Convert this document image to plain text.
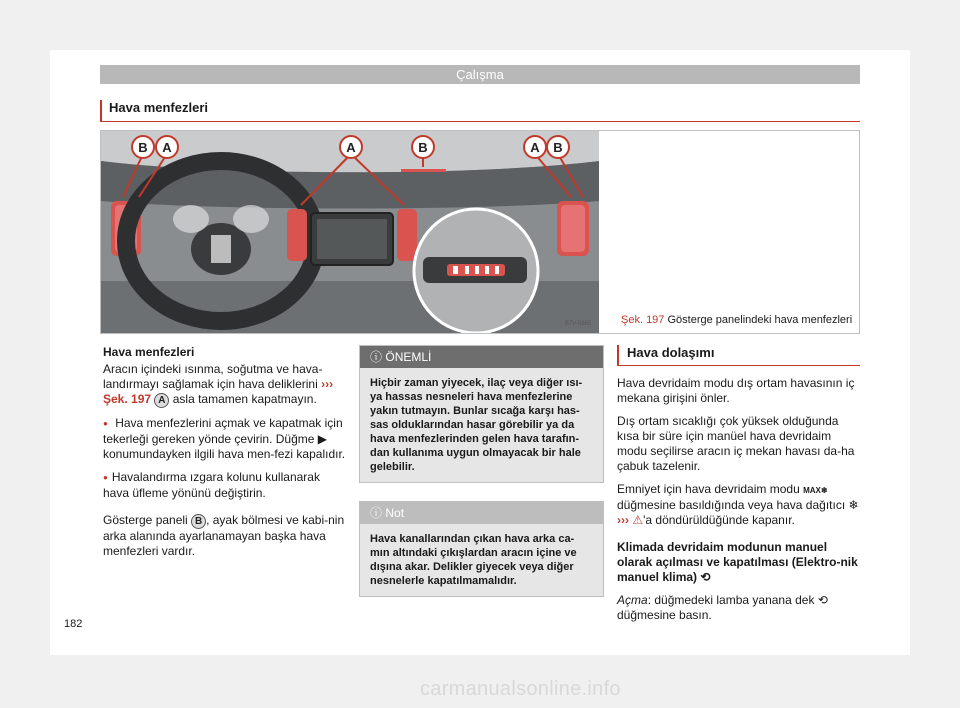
Çalışma
Hava menfezleri
B A	A	B	A B
B7V-0865	Şek. 197 Gösterge panelindeki hava menfezleri

Hava menfezleri

Aracın içindeki ısınma, soğutma ve hava-landırmayı sağlamak için hava deliklerini ››› Şek. 197 A asla tamamen kapatmayın.

● Hava menfezlerini açmak ve kapatmak için tekerleği gereken yönde çevirin. Düğme ▶ konumundayken ilgili hava men-fezi kapalıdır.

● Havalandırma ızgara kolunu kullanarak hava üfleme yönünü değiştirin.

Gösterge paneli B , ayak bölmesi ve kabi-nin arka alanında ayarlanamayan başka hava menfezleri vardır.

ⓘ ÖNEMLİ
Hiçbir zaman yiyecek, ilaç veya diğer ısı-ya hassas nesneleri hava menfezlerine yakın tutmayın. Bunlar sıcağa karşı has-sas olduklarından hasar görebilir ya da hava menfezlerinden gelen hava tarafın-dan kullanıma uygun olmayacak bir hale gelebilir.
ⓘ Not
Hava kanallarından çıkan hava arka ca-mın altındaki çıkışlardan aracın içine ve dışına akar. Delikler giyecek veya diğer nesnelerle kapatılmamalıdır.
Hava dolaşımı

Hava devridaim modu dış ortam havasının iç mekana girişini önler.

Dış ortam sıcaklığı çok yüksek olduğunda kısa bir süre için manüel hava devridaim modu seçilirse aracın iç mekan havası da-ha çabuk tazelenir.

Emniyet için hava devridaim modu MAX❄ düğmesine basıldığında veya hava dağıtıcı ❄ ››› ⚠'a döndürüldüğünde kapanır.

Klimada devridaim modunun manuel olarak açılması ve kapatılması (Elektro-nik manuel klima) ⟲

Açma: düğmedeki lamba yanana dek ⟲ düğmesine basın.

182
carmanualsonline.info
